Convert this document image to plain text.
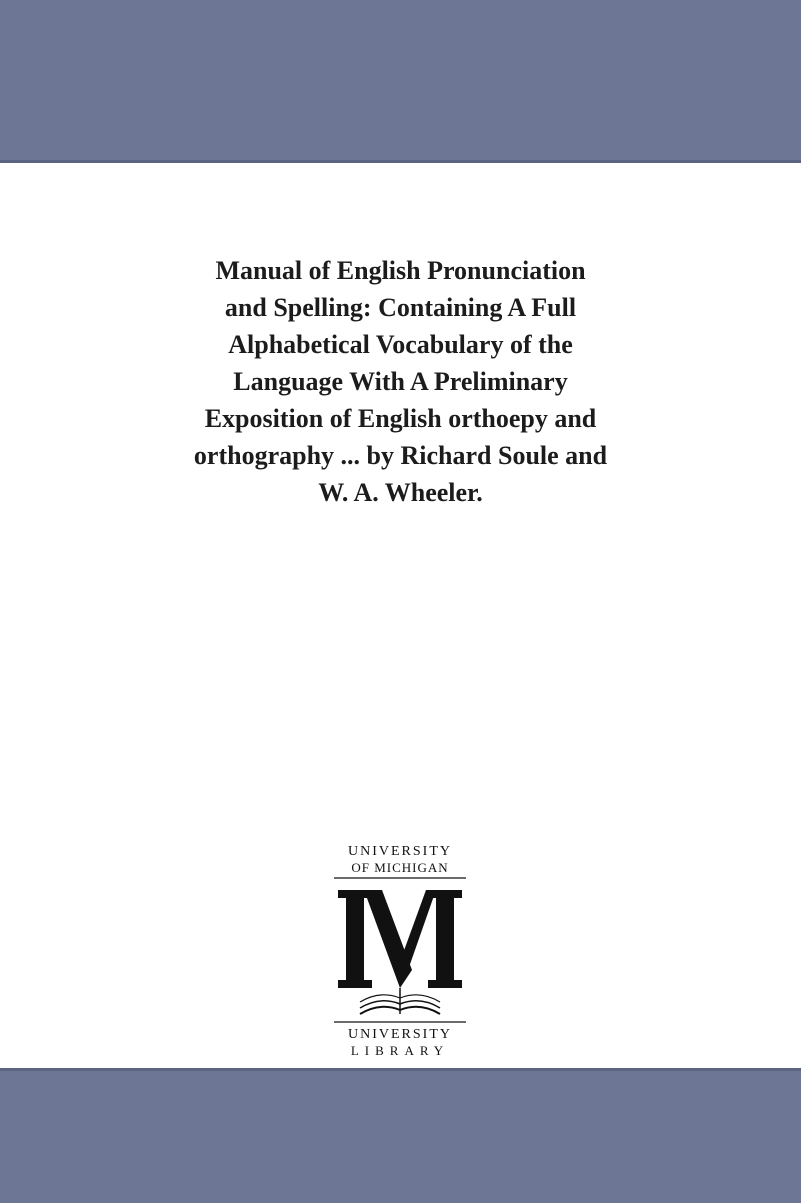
Manual of English Pronunciation
and Spelling: Containing A Full
Alphabetical Vocabulary of the
Language With A Preliminary
Exposition of English orthoepy and
orthography ... by Richard Soule and
W. A. Wheeler.
UNIVERSITY
OF MICHIGAN
UNIVERSITY
LIBRARY
